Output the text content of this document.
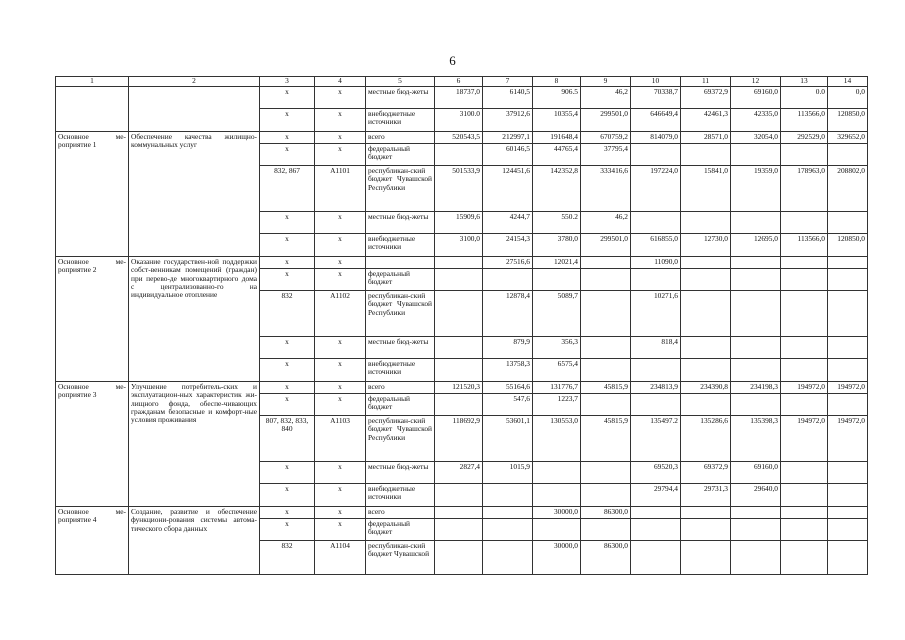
6
1	2	3	4	5	6	7	8	9	10	11	12	13	14
		х	х	местные бюд-жеты	18737,0	6140,5	906.5	46,2	70338,7	69372,9	69160,0	0.0	0,0
		х	х	внебюджетные источники	3100.0	37912,6	10355,4	299501,0	646649,4	42461,3	42335,0	113566,0	120850,0
Основное ме-роприятие 1	Обеспечение качества жилищно-коммунальных услуг	х	х	всего	520543,5	212997,1	191648,4	670759,2	814079,0	28571,0	32054,0	292529,0	329652,0
		х	х	федеральный бюджет		60146,5	44765,4	37795,4					
		832, 867	А1101	республикан-ский бюджет Чувашской Республики	501533,9	124451,6	142352,8	333416,6	197224,0	15841,0	19359,0	178963,0	208802,0
		х	х	местные бюд-жеты	15909,6	4244,7	550.2	46,2					
		х	х	внебюджетные источники	3100,0	24154,3	3780,0	299501,0	616855,0	12730,0	12695,0	113566,0	120850,0
Основное ме-роприятие 2	Оказание государствен-ной поддержки собст-венникам помещений (граждан) при перево-де многоквартирного дома с централизованно-го на индивидуальное отопление	х	х			27516,6	12021,4		11090,0				
		х	х	федеральный бюджет									
		832	А1102	республикан-ский бюджет Чувашской Республики		12878,4	5089,7		10271,6				
		х	х	местные бюд-жеты		879,9	356,3		818,4				
		х	х	внебюджетные источники		13758,3	6575,4						
Основное ме-роприятие 3	Улучшение потребитель-ских и эксплуатацион-ных характеристик жи-лищного фонда, обеспе-чивающих гражданам безопасные и комфорт-ные условия проживания	х	х	всего	121520,3	55164,6	131776,7	45815,9	234813,9	234390,8	234198,3	194972,0	194972,0
		х	х	федеральный бюджет		547,6	1223,7						
		807, 832, 833, 840	А1103	республикан-ский бюджет Чувашской Республики	118692,9	53601,1	130553,0	45815,9	135497.2	135286,6	135398,3	194972,0	194972,0
		х	х	местные бюд-жеты	2827,4	1015,9			69520,3	69372,9	69160,0		
		х	х	внебюджетные источники					29794,4	29731,3	29640,0		
Основное ме-роприятие 4	Создание, развитие и обеспечение функциони-рования системы автома-тического сбора данных	х	х	всего			30000,0	86300,0					
		х	х	федеральный бюджет									
		832	А1104	республикан-ский бюджет Чувашской			30000,0	86300,0					
